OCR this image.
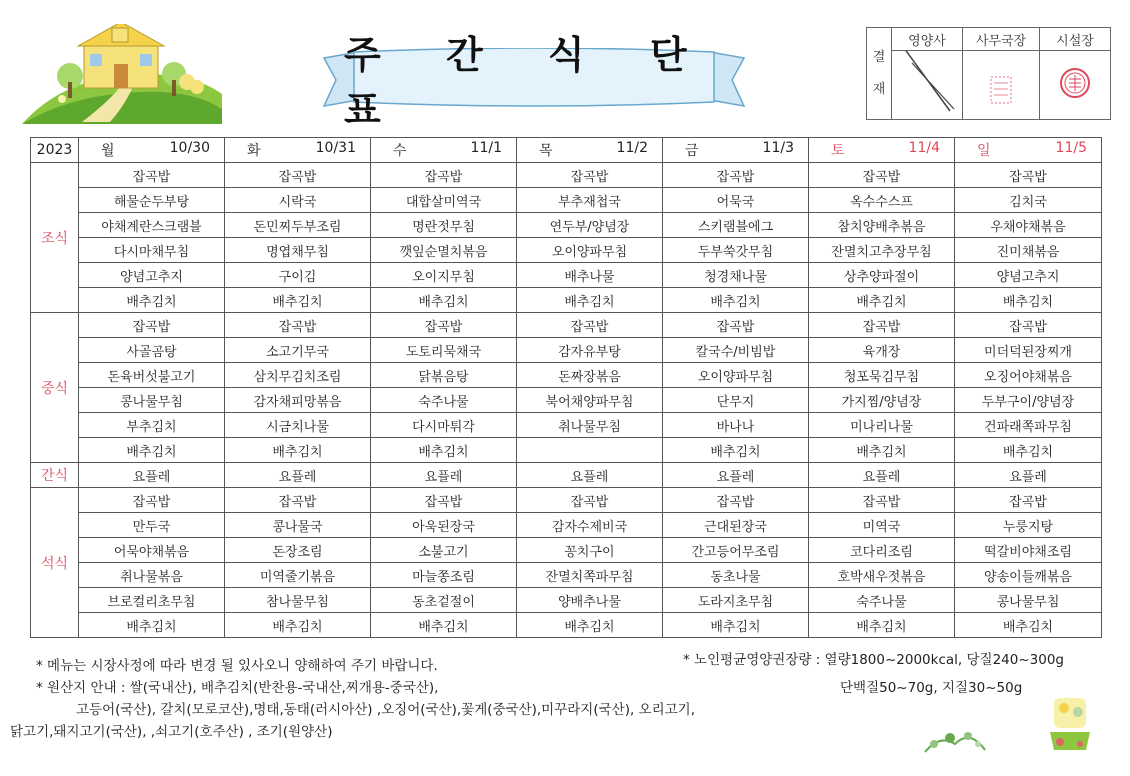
주 간 식 단 표
결
재	영양사	사무국장	시설장

2023	월 10/30	화 10/31	수 11/1	목 11/2	금 11/3	토 11/4	일 11/5

조식	잡곡밥	잡곡밥	잡곡밥	잡곡밥	잡곡밥	잡곡밥	잡곡밥
	해물순두부탕	시락국	대합살미역국	부추재첩국	어묵국	옥수수스프	김치국
	야채계란스크램블	돈민찌두부조림	명란젓무침	연두부/양념장	스키램블에그	참치양배추볶음	우채야채볶음
	다시마채무침	명엽채무침	깻잎순멸치볶음	오이양파무침	두부쑥갓무침	잔멸치고추장무침	진미채볶음
	양념고추지	구이김	오이지무침	배추나물	청경채나물	상추양파절이	양념고추지
	배추김치	배추김치	배추김치	배추김치	배추김치	배추김치	배추김치
중식	잡곡밥	잡곡밥	잡곡밥	잡곡밥	잡곡밥	잡곡밥	잡곡밥
	사골곰탕	소고기무국	도토리묵채국	감자유부탕	칼국수/비빔밥	육개장	미더덕된장찌개
	돈육버섯불고기	삼치무김치조림	닭볶음탕	돈짜장볶음	오이양파무침	청포묵김무침	오징어야채볶음
	콩나물무침	감자채피망볶음	숙주나물	북어채양파무침	단무지	가지찜/양념장	두부구이/양념장
	부추김치	시금치나물	다시마튀각	취나물무침	바나나	미나리나물	건파래쪽파무침
	배추김치	배추김치	배추김치		배추김치	배추김치	배추김치
간식	요플레	요플레	요플레	요플레	요플레	요플레	요플레
석식	잡곡밥	잡곡밥	잡곡밥	잡곡밥	잡곡밥	잡곡밥	잡곡밥
	만두국	콩나물국	아욱된장국	감자수제비국	근대된장국	미역국	누룽지탕
	어묵야채볶음	돈장조림	소불고기	꽁치구이	간고등어무조림	코다리조림	떡갈비야채조림
	취나물볶음	미역줄기볶음	마늘쫑조림	잔멸치쪽파무침	동초나물	호박새우젓볶음	양송이들깨볶음
	브로컬리초무침	참나물무침	동초겉절이	양배추나물	도라지초무침	숙주나물	콩나물무침
	배추김치	배추김치	배추김치	배추김치	배추김치	배추김치	배추김치
* 메뉴는 시장사정에 따라 변경 될 있사오니 양해하여 주기 바랍니다.	* 노인평균영양권장량 : 열량1800~2000kcal, 당질240~300g
* 원산지 안내 : 쌀(국내산), 배추김치(반찬용-국내산,찌개용-중국산),	단백질50~70g, 지질30~50g
고등어(국산), 갈치(모로코산),명태,동태(러시아산) ,오징어(국산),꽃게(중국산),미꾸라지(국산), 오리고기,
닭고기,돼지고기(국산), ,쇠고기(호주산) , 조기(원양산)
